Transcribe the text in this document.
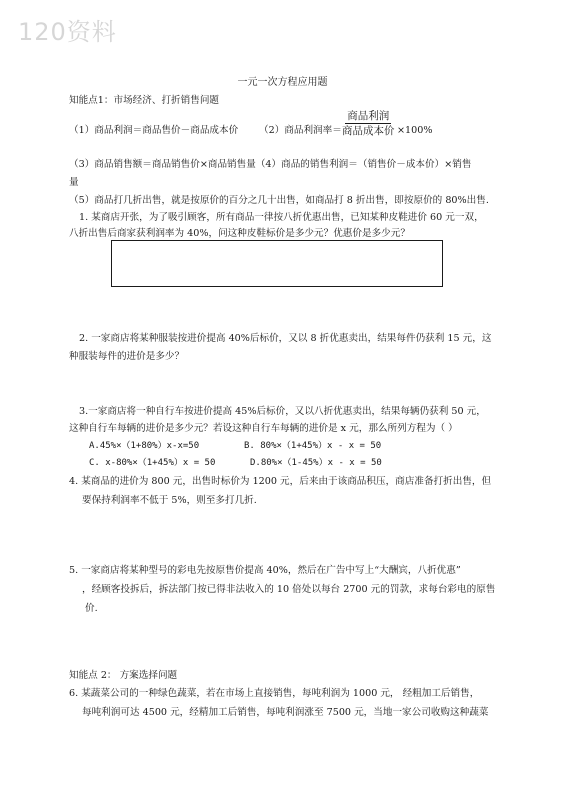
120资料
一元一次方程应用题
知能点1：市场经济、打折销售问题
（1）商品利润＝商品售价－商品成本价 （2）商品利润率＝
商品利润
商品成本价 ×100%
（3）商品销售额＝商品销售价×商品销售量（4）商品的销售利润＝（销售价－成本价）×销售
量
（5）商品打几折出售，就是按原价的百分之几十出售，如商品打 8 折出售，即按原价的 80%出售.
1. 某商店开张，为了吸引顾客，所有商品一律按八折优惠出售，已知某种皮鞋进价 60 元一双，
八折出售后商家获利润率为 40%，问这种皮鞋标价是多少元？优惠价是多少元？
2. 一家商店将某种服装按进价提高 40%后标价，又以 8 折优惠卖出，结果每件仍获利 15 元，这
种服装每件的进价是多少？
3.一家商店将一种自行车按进价提高 45%后标价，又以八折优惠卖出，结果每辆仍获利 50 元，
这种自行车每辆的进价是多少元？若设这种自行车每辆的进价是 x 元，那么所列方程为（ ）
A.45%×（1+80%）x-x=50	B. 80%×（1+45%）x - x = 50
C. x-80%×（1+45%）x = 50	D.80%×（1-45%）x - x = 50
4. 某商品的进价为 800 元，出售时标价为 1200 元，后来由于该商品积压，商店准备打折出售，但
要保持利润率不低于 5%，则至多打几折.
5. 一家商店将某种型号的彩电先按原售价提高 40%，然后在广告中写上“大酬宾，八折优惠”
，经顾客投拆后，拆法部门按已得非法收入的 10 倍处以每台 2700 元的罚款，求每台彩电的原售
价.
知能点 2： 方案选择问题
6. 某蔬菜公司的一种绿色蔬菜，若在市场上直接销售，每吨利润为 1000 元， 经粗加工后销售，
每吨利润可达 4500 元，经精加工后销售，每吨利润涨至 7500 元，当地一家公司收购这种蔬菜
